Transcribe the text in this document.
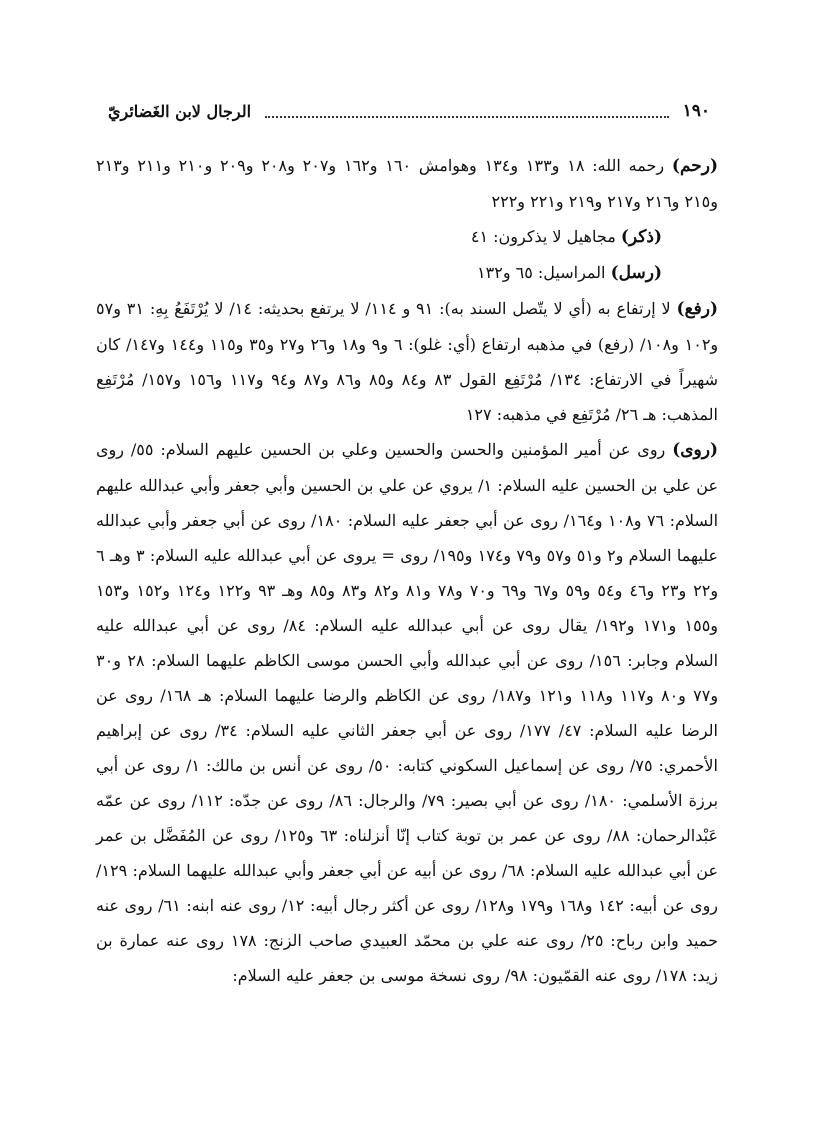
١٩٠
الرجال لابن الغَضائريّ

(رحم) رحمه الله: ١٨ و١٣٣ و١٣٤ وهوامش ١٦٠ و١٦٢ و٢٠٧ و٢٠٨ و٢٠٩ و٢١٠ و٢١١ و٢١٣ و٢١٥ و٢١٦ و٢١٧ و٢١٩ و٢٢١ و٢٢٢

(ذكر) مجاهيل لا يذكرون: ٤١

(رسل) المراسيل: ٦٥ و١٣٢

(رفع) لا إرتفاع به (أي لا يتّصل السند به): ٩١ و ١١٤/ لا يرتفع بحديثه: ١٤/ لا يُرْتَفَعُ بِهِ: ٣١ و٥٧ و١٠٢ و١٠٨/ (رفع) في مذهبه ارتفاع (أي: غلو): ٦ و٩ و١٨ و٢٦ و٢٧ و٣٥ و١١٥ و١٤٤ و١٤٧/ كان شهيراً في الارتفاع: ١٣٤/ مُرْتَفِع القول ٨٣ و٨٤ و٨٥ و٨٦ و٨٧ و٩٤ و١١٧ و١٥٦ و١٥٧/ مُرْتَفِع المذهب: هـ ٢٦/ مُرْتَفِع في مذهبه: ١٢٧

(روى) روى عن أمير المؤمنين والحسن والحسين وعلي بن الحسين عليهم السلام: ٥٥/ روى عن علي بن الحسين عليه السلام: ١/ يروي عن علي بن الحسين وأبي جعفر وأبي عبدالله عليهم السلام: ٧٦ و١٠٨ و١٦٤/ روى عن أبي جعفر عليه السلام: ١٨٠/ روى عن أبي جعفر وأبي عبدالله عليهما السلام و٢ و٥١ و٥٧ و٧٩ و١٧٤ و١٩٥/ روى = يروى عن أبي عبدالله عليه السلام: ٣ وهـ ٦ و٢٢ و٢٣ و٤٦ و٥٤ و٥٩ و٦٧ و٦٩ و٧٠ و٧٨ و٨١ و٨٢ و٨٣ و٨٥ وهـ ٩٣ و١٢٢ و١٢٤ و١٥٢ و١٥٣ و١٥٥ و١٧١ و١٩٢/ يقال روى عن أبي عبدالله عليه السلام: ٨٤/ روى عن أبي عبدالله عليه السلام وجابر: ١٥٦/ روى عن أبي عبدالله وأبي الحسن موسى الكاظم عليهما السلام: ٢٨ و٣٠ و٧٧ و٨٠ و١١٧ و١١٨ و١٢١ و١٨٧/ روى عن الكاظم والرضا عليهما السلام: هـ ١٦٨/ روى عن الرضا عليه السلام: ٤٧/ ١٧٧/ روى عن أبي جعفر الثاني عليه السلام: ٣٤/ روى عن إبراهيم الأحمري: ٧٥/ روى عن إسماعيل السكوني كتابه: ٥٠/ روى عن أنس بن مالك: ١/ روى عن أبي برزة الأسلمي: ١٨٠/ روى عن أبي بصير: ٧٩/ والرجال: ٨٦/ روى عن جدّه: ١١٢/ روى عن عمّه عَبْدالرحمان: ٨٨/ روى عن عمر بن توبة كتاب إنّا أنزلناه: ٦٣ و١٢٥/ روى عن المُفَضَّل بن عمر عن أبي عبدالله عليه السلام: ٦٨/ روى عن أبيه عن أبي جعفر وأبي عبدالله عليهما السلام: ١٢٩/ روى عن أبيه: ١٤٢ و١٦٨ و١٧٩ و١٢٨/ روى عن أكثر رجال أبيه: ١٢/ روى عنه ابنه: ٦١/ روى عنه حميد وابن رباح: ٢٥/ روى عنه علي بن محمّد العبيدي صاحب الزنج: ١٧٨ روى عنه عمارة بن زيد: ١٧٨/ روى عنه القمّيون: ٩٨/ روى نسخة موسى بن جعفر عليه السلام:
